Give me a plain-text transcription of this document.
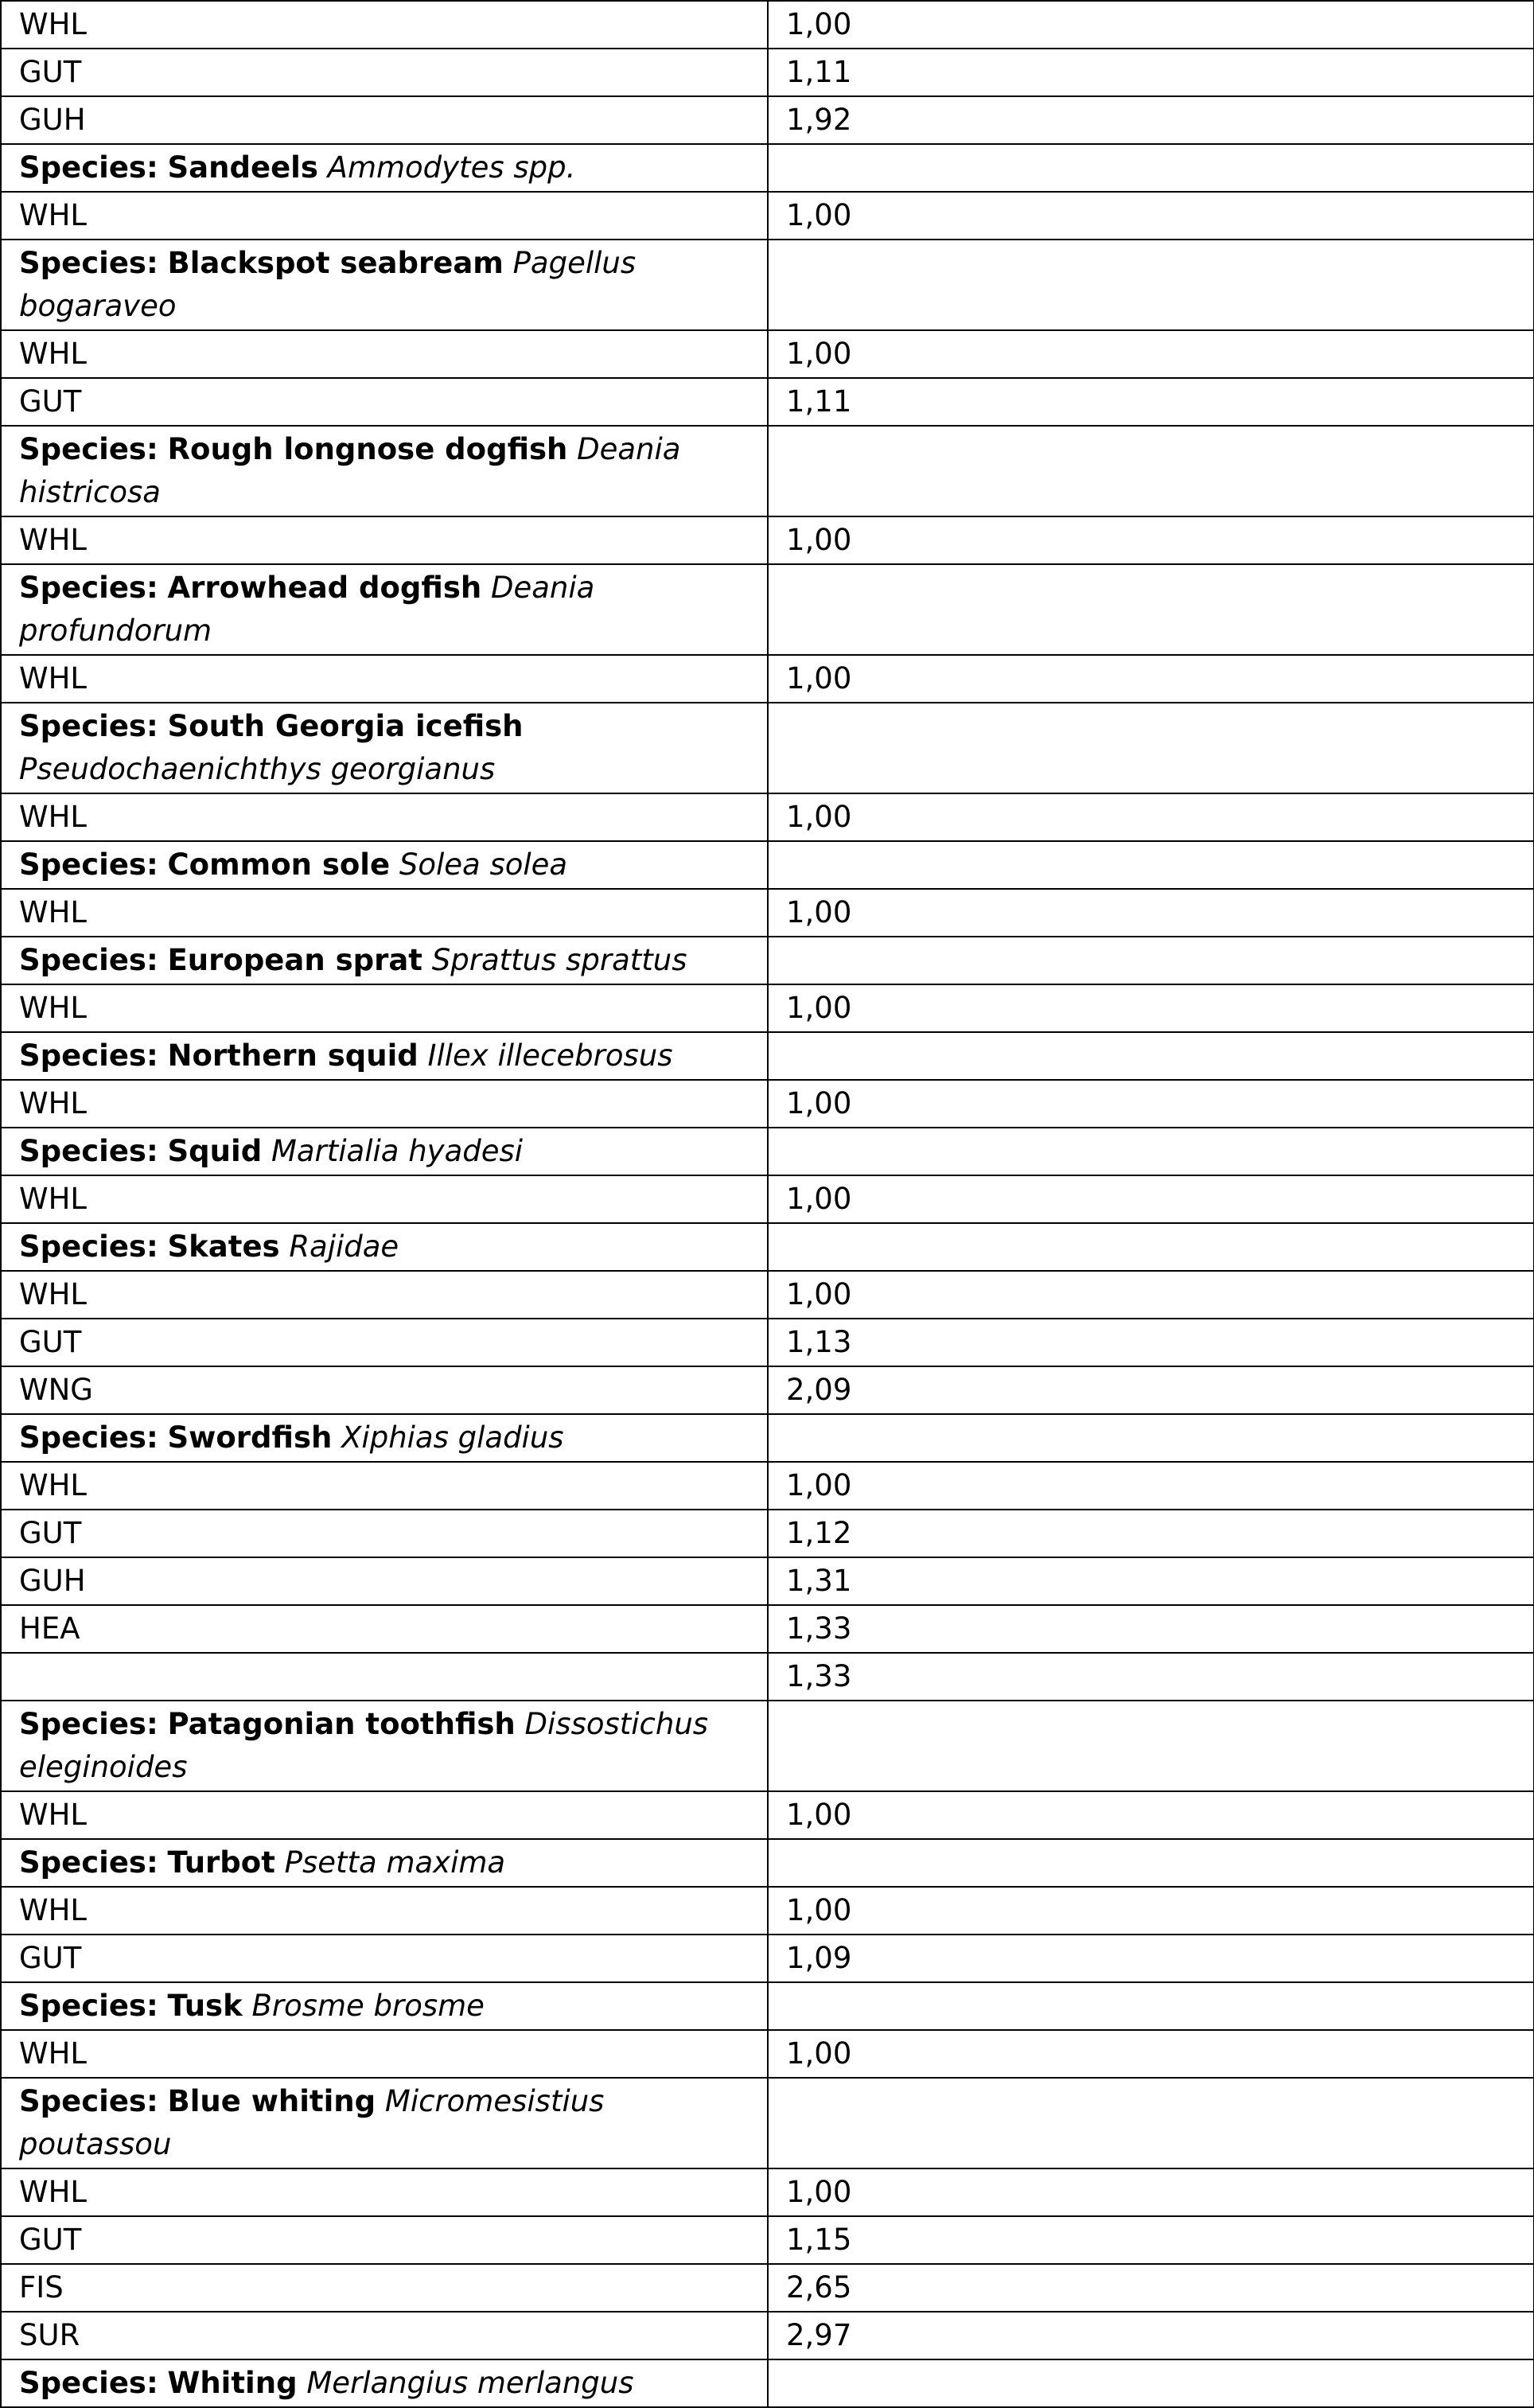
WHL	1,00
GUT	1,11
GUH	1,92
Species: Sandeels Ammodytes spp.	
WHL	1,00
Species: Blackspot seabream Pagellus bogaraveo	
WHL	1,00
GUT	1,11
Species: Rough longnose dogfish Deania histricosa	
WHL	1,00
Species: Arrowhead dogfish Deania profundorum	
WHL	1,00
Species: South Georgia icefish Pseudochaenichthys georgianus	
WHL	1,00
Species: Common sole Solea solea	
WHL	1,00
Species: European sprat Sprattus sprattus	
WHL	1,00
Species: Northern squid Illex illecebrosus	
WHL	1,00
Species: Squid Martialia hyadesi	
WHL	1,00
Species: Skates Rajidae	
WHL	1,00
GUT	1,13
WNG	2,09
Species: Swordfish Xiphias gladius	
WHL	1,00
GUT	1,12
GUH	1,31
HEA	1,33
	1,33
Species: Patagonian toothfish Dissostichus eleginoides	
WHL	1,00
Species: Turbot Psetta maxima	
WHL	1,00
GUT	1,09
Species: Tusk Brosme brosme	
WHL	1,00
Species: Blue whiting Micromesistius poutassou	
WHL	1,00
GUT	1,15
FIS	2,65
SUR	2,97
Species: Whiting Merlangius merlangus	
